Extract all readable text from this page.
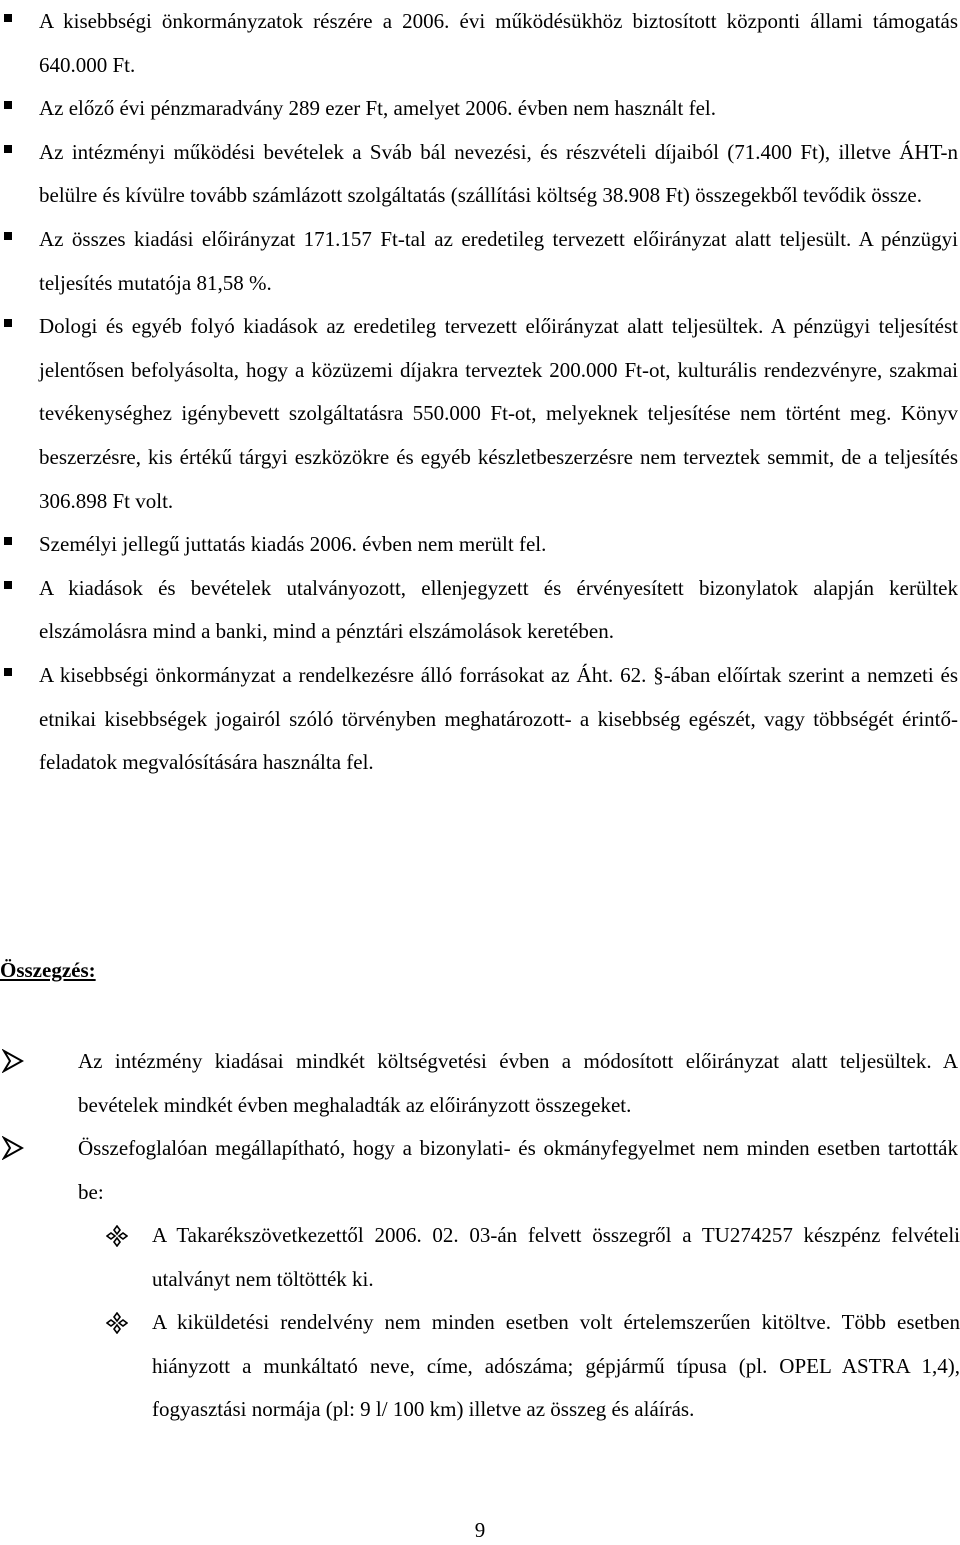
A kisebbségi önkormányzatok részére a 2006. évi működésükhöz biztosított központi állami támogatás 640.000 Ft.
Az előző évi pénzmaradvány 289 ezer Ft, amelyet 2006. évben nem használt fel.
Az intézményi működési bevételek a Sváb bál nevezési, és részvételi díjaiból (71.400 Ft), illetve ÁHT-n belülre és kívülre tovább számlázott szolgáltatás (szállítási költség 38.908 Ft) összegekből tevődik össze.
Az összes kiadási előirányzat 171.157 Ft-tal az eredetileg tervezett előirányzat alatt teljesült. A pénzügyi teljesítés mutatója 81,58 %.
Dologi és egyéb folyó kiadások az eredetileg tervezett előirányzat alatt teljesültek. A pénzügyi teljesítést jelentősen befolyásolta, hogy a közüzemi díjakra terveztek 200.000 Ft-ot, kulturális rendezvényre, szakmai tevékenységhez igénybevett szolgáltatásra 550.000 Ft-ot, melyeknek teljesítése nem történt meg. Könyv beszerzésre, kis értékű tárgyi eszközökre és egyéb készletbeszerzésre nem terveztek semmit, de a teljesítés 306.898 Ft volt.
Személyi jellegű juttatás kiadás 2006. évben nem merült fel.
A kiadások és bevételek utalványozott, ellenjegyzett és érvényesített bizonylatok alapján kerültek elszámolásra mind a banki, mind a pénztári elszámolások keretében.
A kisebbségi önkormányzat a rendelkezésre álló forrásokat az Áht. 62. §-ában előírtak szerint a nemzeti és etnikai kisebbségek jogairól szóló törvényben meghatározott- a kisebbség egészét, vagy többségét érintő- feladatok megvalósítására használta fel.
Összegzés:
Az intézmény kiadásai mindkét költségvetési évben a módosított előirányzat alatt teljesültek. A bevételek mindkét évben meghaladták az előirányzott összegeket.
Összefoglalóan megállapítható, hogy a bizonylati- és okmányfegyelmet nem minden esetben tartották be:
A Takarékszövetkezettől 2006. 02. 03-án felvett összegről a TU274257 készpénz felvételi utalványt nem töltötték ki.
A kiküldetési rendelvény nem minden esetben volt értelemszerűen kitöltve. Több esetben hiányzott a munkáltató neve, címe, adószáma; gépjármű típusa (pl. OPEL ASTRA 1,4), fogyasztási normája (pl: 9 l/ 100 km) illetve az összeg és aláírás.
9
